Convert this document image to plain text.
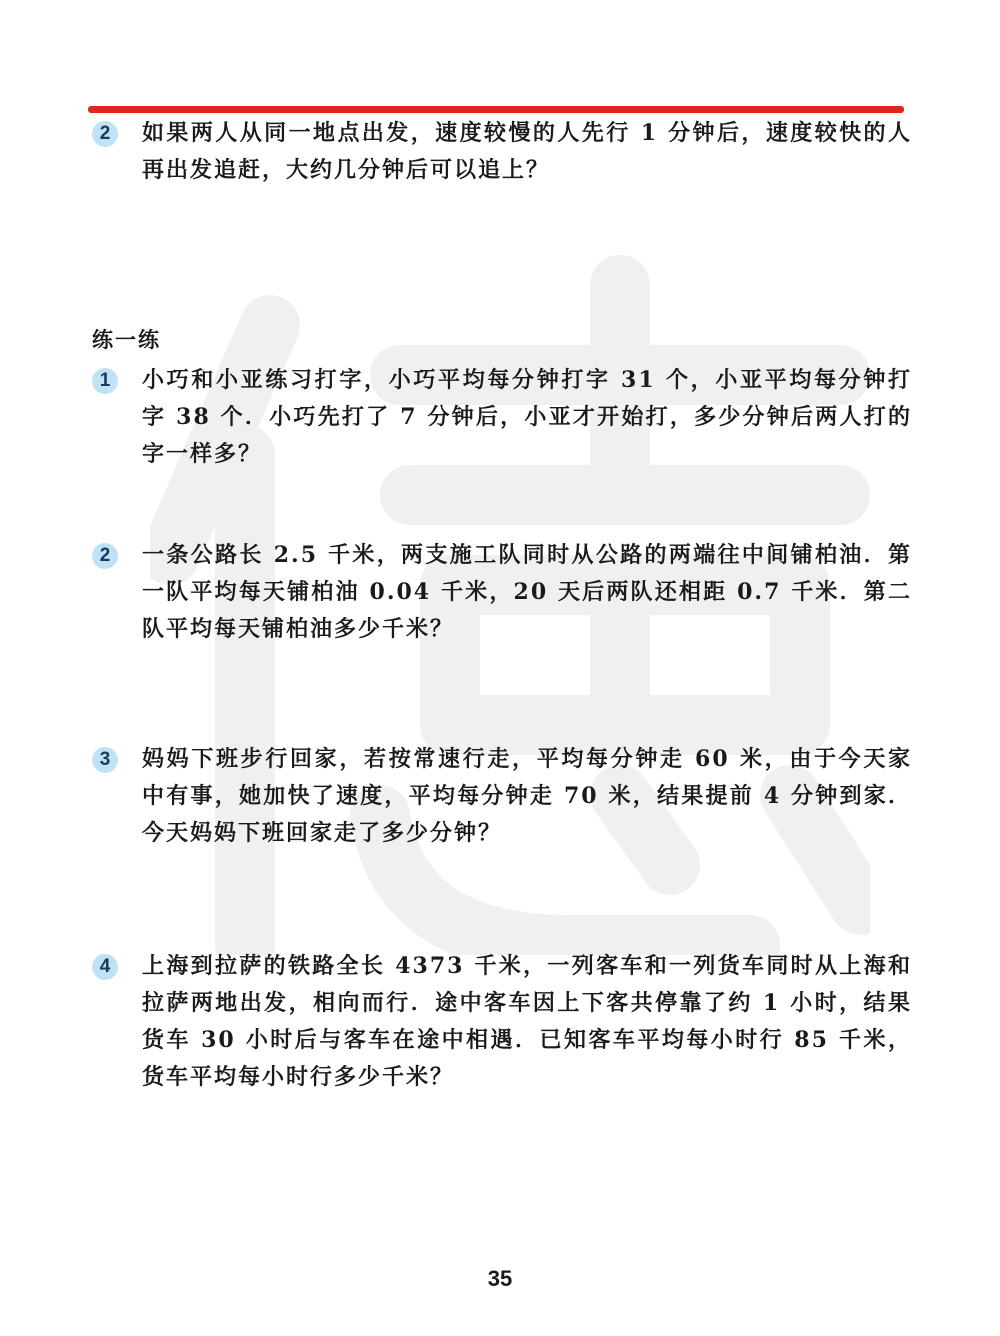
2	如果两人从同一地点出发，速度较慢的人先行 1 分钟后，速度较快的人再出发追赶，大约几分钟后可以追上？
练一练
1	小巧和小亚练习打字，小巧平均每分钟打字 31 个，小亚平均每分钟打字 38 个．小巧先打了 7 分钟后，小亚才开始打，多少分钟后两人打的字一样多？
2	一条公路长 2.5 千米，两支施工队同时从公路的两端往中间铺柏油．第一队平均每天铺柏油 0.04 千米，20 天后两队还相距 0.7 千米．第二队平均每天铺柏油多少千米？
3	妈妈下班步行回家，若按常速行走，平均每分钟走 60 米，由于今天家中有事，她加快了速度，平均每分钟走 70 米，结果提前 4 分钟到家．今天妈妈下班回家走了多少分钟？
4	上海到拉萨的铁路全长 4373 千米，一列客车和一列货车同时从上海和拉萨两地出发，相向而行．途中客车因上下客共停靠了约 1 小时，结果货车 30 小时后与客车在途中相遇．已知客车平均每小时行 85 千米，货车平均每小时行多少千米？
35
